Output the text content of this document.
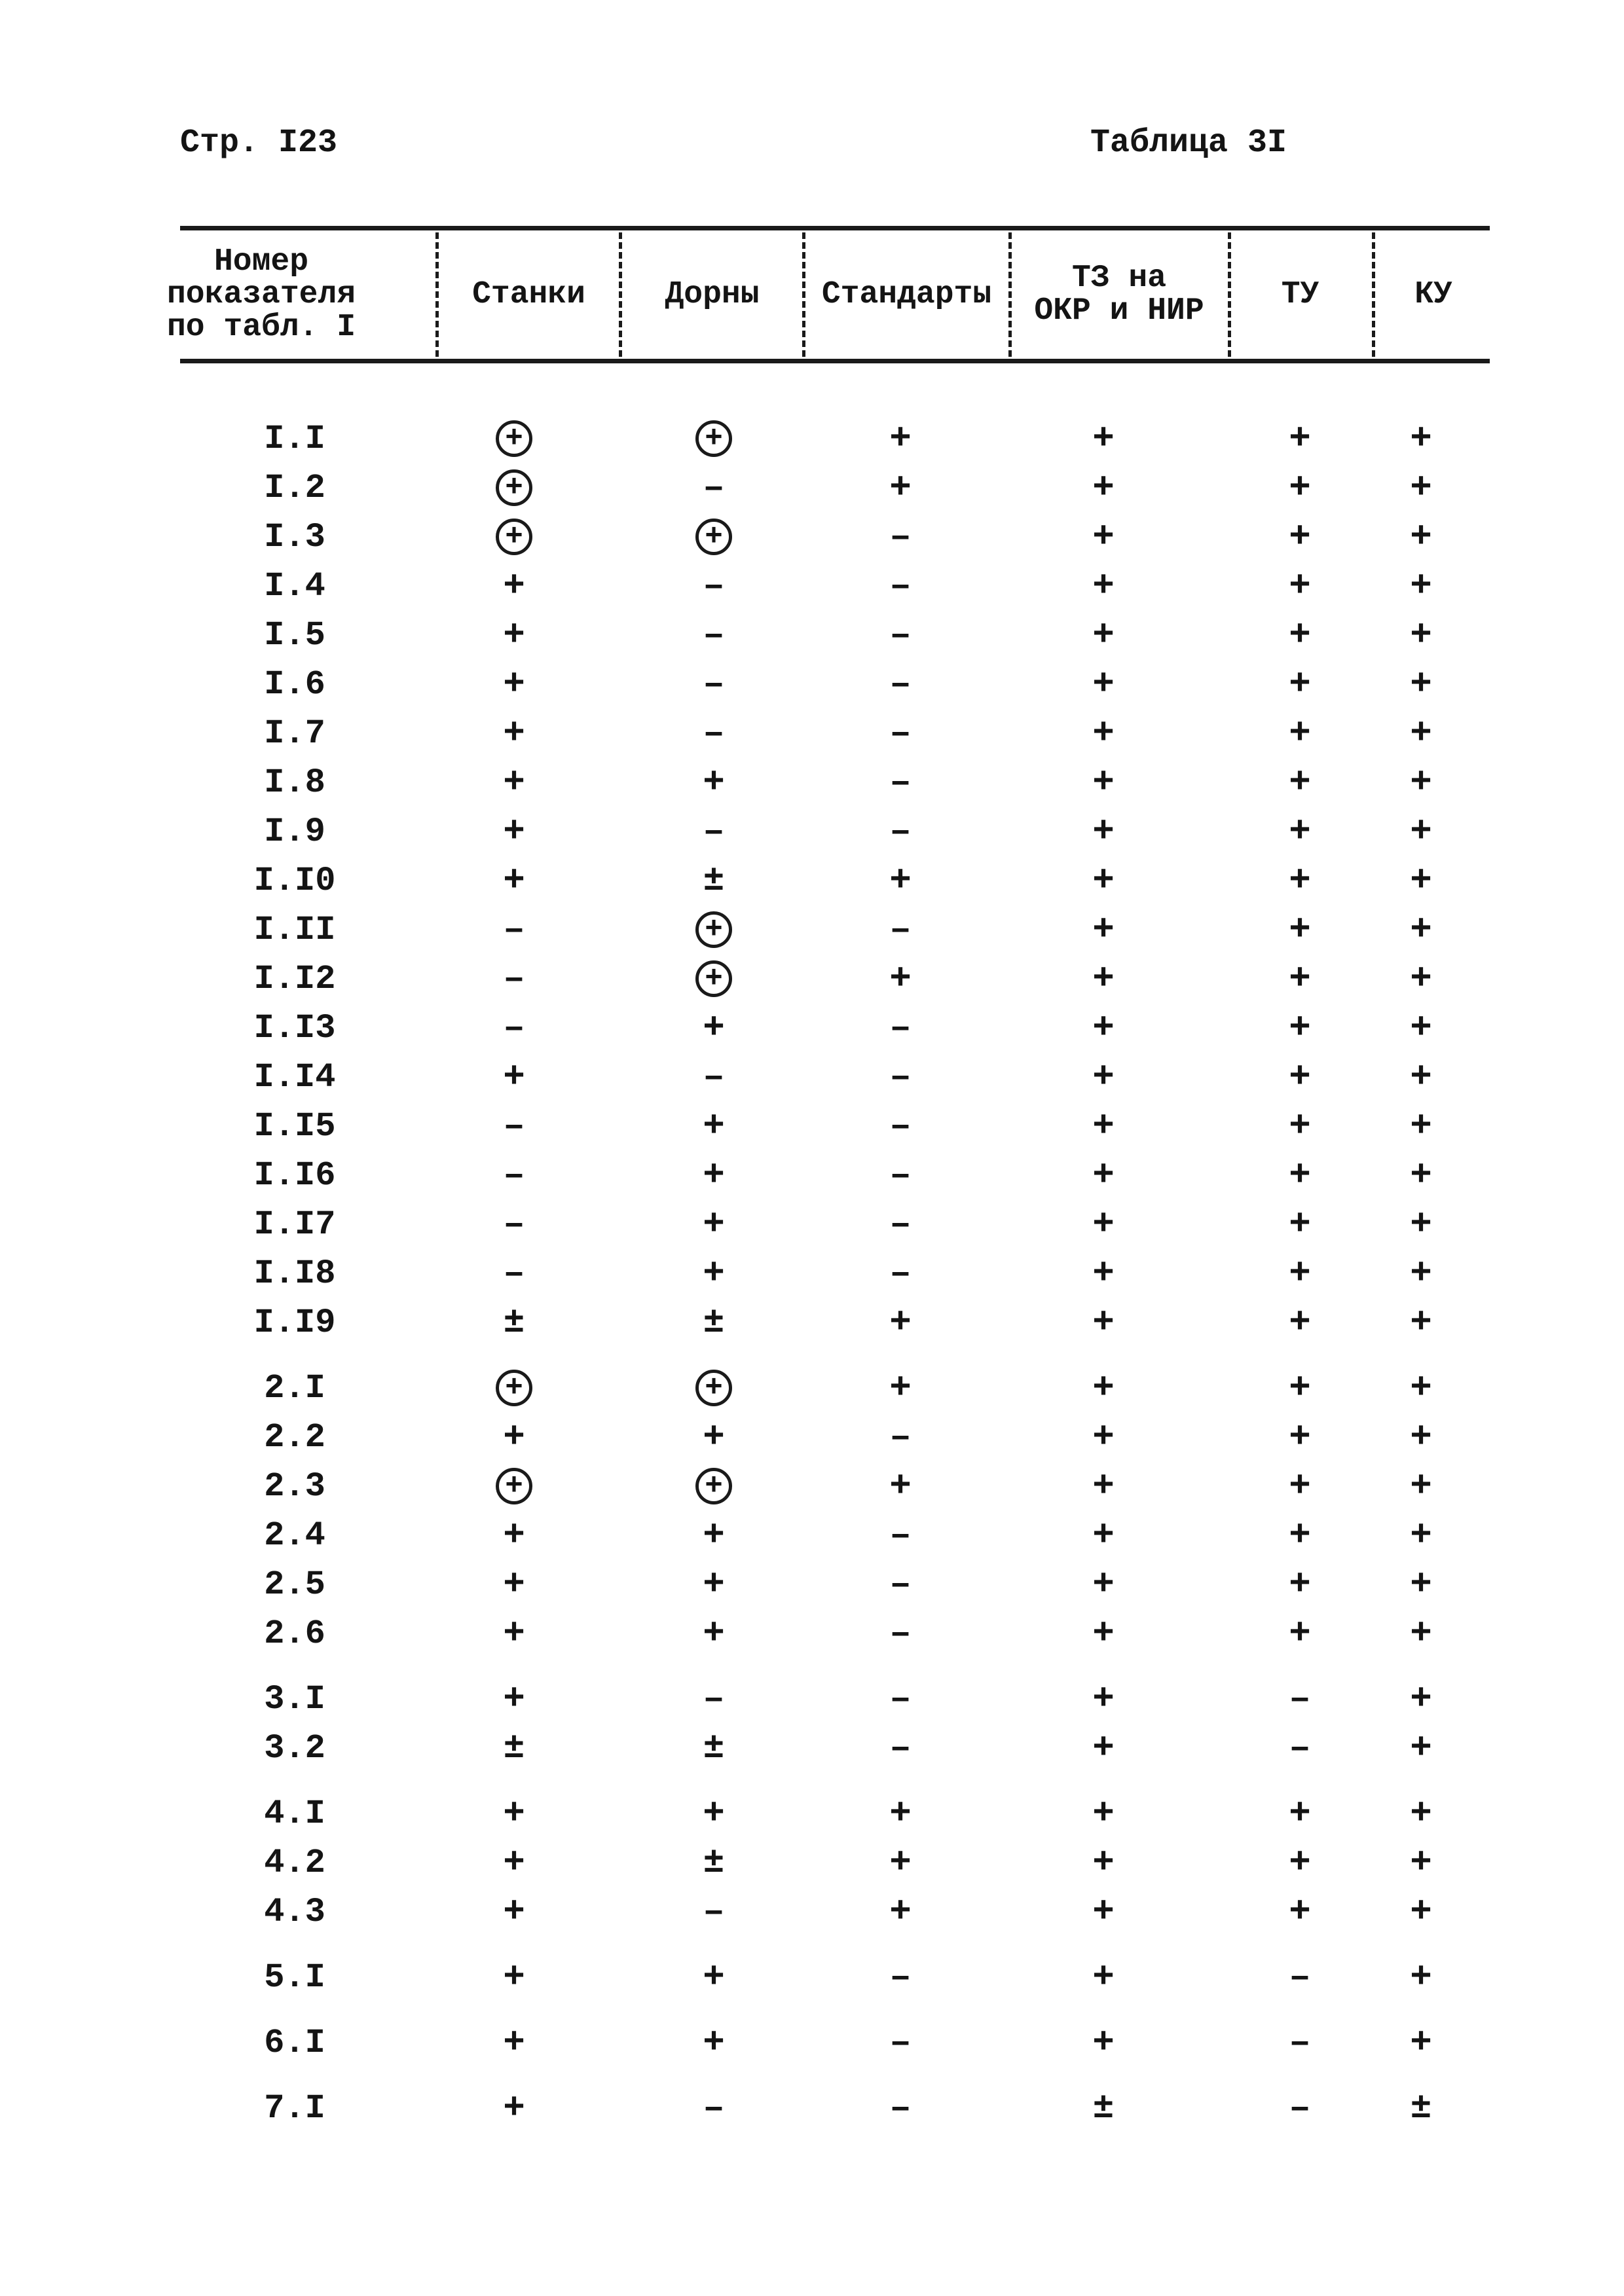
Стр. I23	Таблица 3I
Номер
показателя
по табл. I
Станки	Дорны	Стандарты	ТЗ на
ОКР и НИР	ТУ	КУ
I.I	+	+	+	+	+	+
I.2	+	–	+	+	+	+
I.3	+	+	–	+	+	+
I.4	+	–	–	+	+	+
I.5	+	–	–	+	+	+
I.6	+	–	–	+	+	+
I.7	+	–	–	+	+	+
I.8	+	+	–	+	+	+
I.9	+	–	–	+	+	+
I.I0	+	±	+	+	+	+
I.II	–	+	–	+	+	+
I.I2	–	+	+	+	+	+
I.I3	–	+	–	+	+	+
I.I4	+	–	–	+	+	+
I.I5	–	+	–	+	+	+
I.I6	–	+	–	+	+	+
I.I7	–	+	–	+	+	+
I.I8	–	+	–	+	+	+
I.I9	±	±	+	+	+	+
2.I	+	+	+	+	+	+
2.2	+	+	–	+	+	+
2.3	+	+	+	+	+	+
2.4	+	+	–	+	+	+
2.5	+	+	–	+	+	+
2.6	+	+	–	+	+	+
3.I	+	–	–	+	–	+
3.2	±	±	–	+	–	+
4.I	+	+	+	+	+	+
4.2	+	±	+	+	+	+
4.3	+	–	+	+	+	+
5.I	+	+	–	+	–	+
6.I	+	+	–	+	–	+
7.I	+	–	–	±	–	±
